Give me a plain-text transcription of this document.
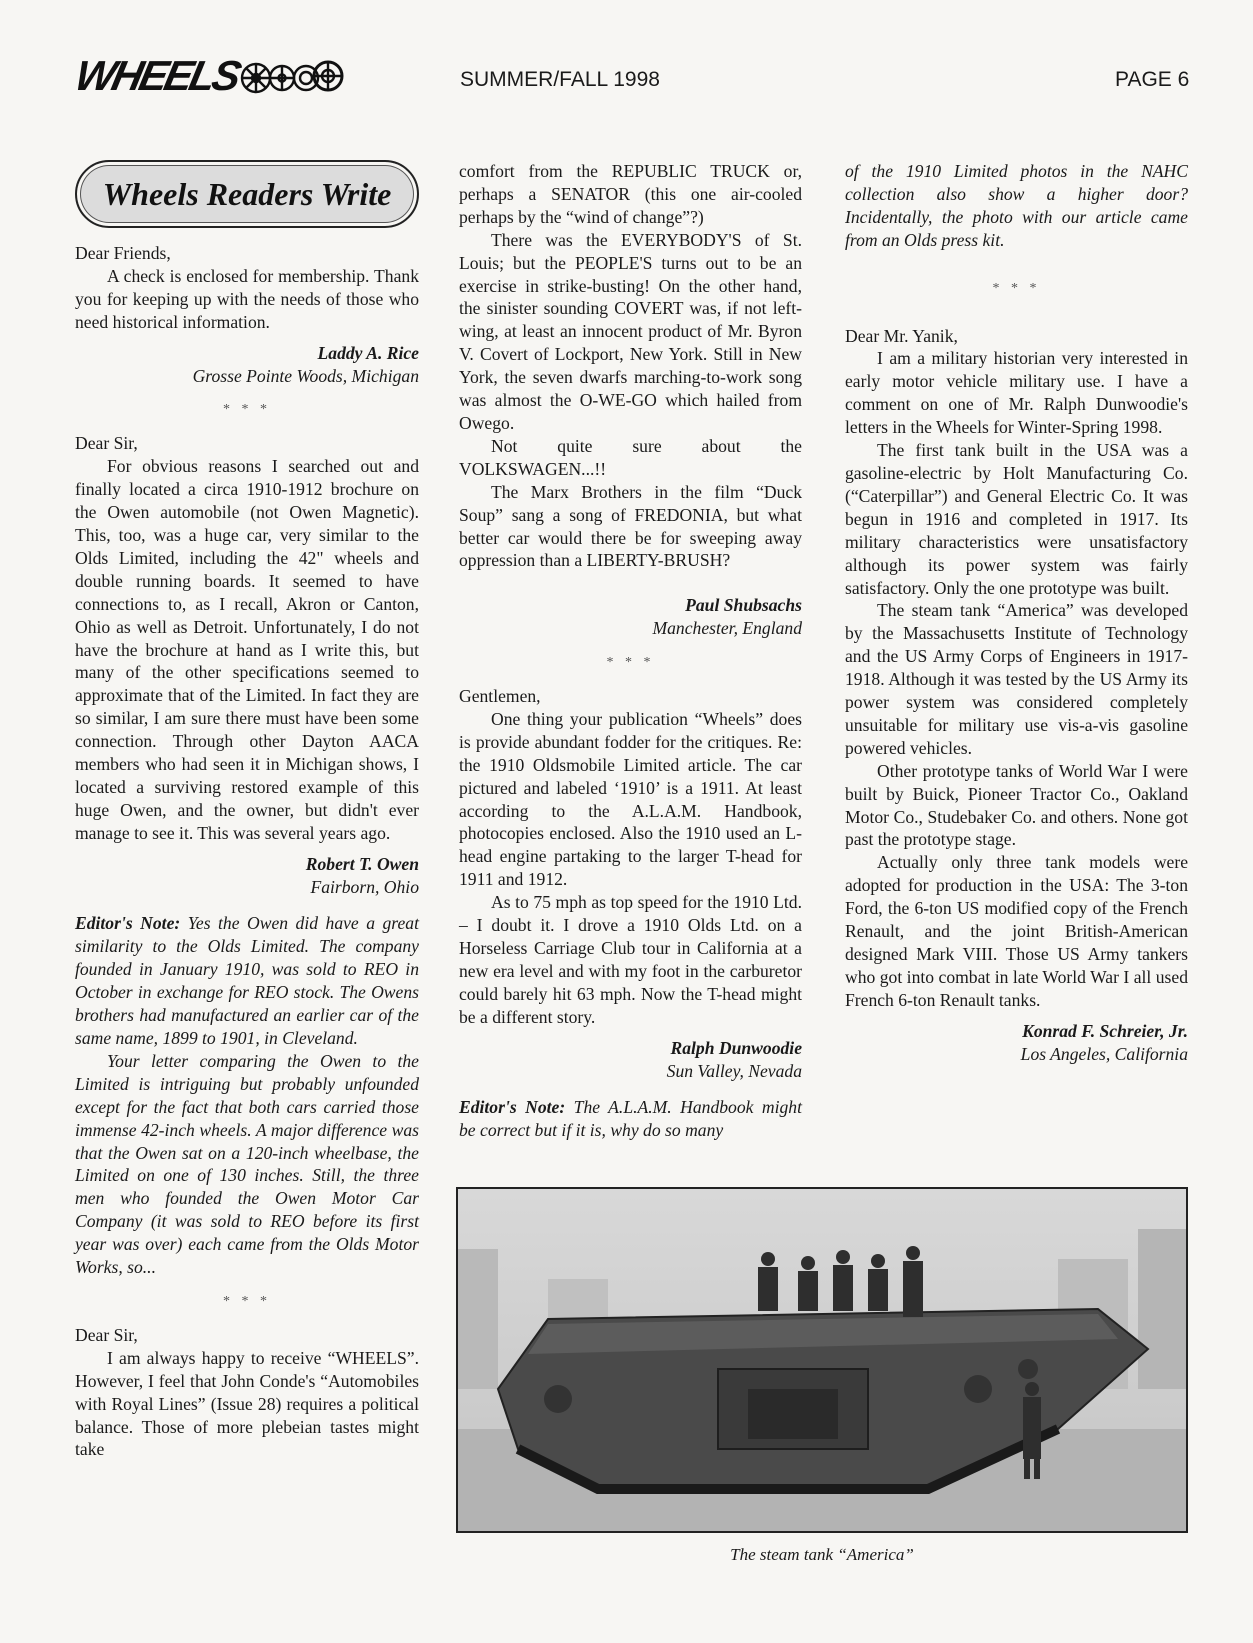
WHEELS	SUMMER/FALL 1998	PAGE 6
Wheels Readers Write

Dear Friends,

A check is enclosed for membership. Thank you for keeping up with the needs of those who need historical information.

Laddy A. Rice

Grosse Pointe Woods, Michigan

* * *

Dear Sir,

For obvious reasons I searched out and finally located a circa 1910-1912 brochure on the Owen automobile (not Owen Magnetic). This, too, was a huge car, very similar to the Olds Limited, including the 42" wheels and double running boards. It seemed to have connections to, as I recall, Akron or Canton, Ohio as well as Detroit. Unfortunately, I do not have the brochure at hand as I write this, but many of the other specifications seemed to approximate that of the Limited. In fact they are so similar, I am sure there must have been some connection. Through other Dayton AACA members who had seen it in Michigan shows, I located a surviving restored example of this huge Owen, and the owner, but didn't ever manage to see it. This was several years ago.

Robert T. Owen

Fairborn, Ohio

Editor's Note: Yes the Owen did have a great similarity to the Olds Limited. The company founded in January 1910, was sold to REO in October in exchange for REO stock. The Owens brothers had manufactured an earlier car of the same name, 1899 to 1901, in Cleveland.

Your letter comparing the Owen to the Limited is intriguing but probably unfounded except for the fact that both cars carried those immense 42-inch wheels. A major difference was that the Owen sat on a 120-inch wheelbase, the Limited on one of 130 inches. Still, the three men who founded the Owen Motor Car Company (it was sold to REO before its first year was over) each came from the Olds Motor Works, so...

* * *

Dear Sir,

I am always happy to receive “WHEELS”. However, I feel that John Conde's “Automobiles with Royal Lines” (Issue 28) requires a political balance. Those of more plebeian tastes might take

comfort from the REPUBLIC TRUCK or, perhaps a SENATOR (this one air-cooled perhaps by the “wind of change”?)

There was the EVERYBODY'S of St. Louis; but the PEOPLE'S turns out to be an exercise in strike-busting! On the other hand, the sinister sounding COVERT was, if not left-wing, at least an innocent product of Mr. Byron V. Covert of Lockport, New York. Still in New York, the seven dwarfs marching-to-work song was almost the O-WE-GO which hailed from Owego.

Not quite sure about the VOLKSWAGEN...!!

The Marx Brothers in the film “Duck Soup” sang a song of FREDONIA, but what better car would there be for sweeping away oppression than a LIBERTY-BRUSH?

Paul Shubsachs

Manchester, England

* * *

Gentlemen,

One thing your publication “Wheels” does is provide abundant fodder for the critiques. Re: the 1910 Oldsmobile Limited article. The car pictured and labeled ‘1910’ is a 1911. At least according to the A.L.A.M. Handbook, photocopies enclosed. Also the 1910 used an L-head engine partaking to the larger T-head for 1911 and 1912.

As to 75 mph as top speed for the 1910 Ltd. – I doubt it. I drove a 1910 Olds Ltd. on a Horseless Carriage Club tour in California at a new era level and with my foot in the carburetor could barely hit 63 mph. Now the T-head might be a different story.

Ralph Dunwoodie

Sun Valley, Nevada

Editor's Note: The A.L.A.M. Handbook might be correct but if it is, why do so many

of the 1910 Limited photos in the NAHC collection also show a higher door? Incidentally, the photo with our article came from an Olds press kit.

* * *

Dear Mr. Yanik,

I am a military historian very interested in early motor vehicle military use. I have a comment on one of Mr. Ralph Dunwoodie's letters in the Wheels for Winter-Spring 1998.

The first tank built in the USA was a gasoline-electric by Holt Manufacturing Co. (“Caterpillar”) and General Electric Co. It was begun in 1916 and completed in 1917. Its military characteristics were unsatisfactory although its power system was fairly satisfactory. Only the one prototype was built.

The steam tank “America” was developed by the Massachusetts Institute of Technology and the US Army Corps of Engineers in 1917-1918. Although it was tested by the US Army its power system was considered completely unsuitable for military use vis-a-vis gasoline powered vehicles.

Other prototype tanks of World War I were built by Buick, Pioneer Tractor Co., Oakland Motor Co., Studebaker Co. and others. None got past the prototype stage.

Actually only three tank models were adopted for production in the USA: The 3-ton Ford, the 6-ton US modified copy of the French Renault, and the joint British-American designed Mark VIII. Those US Army tankers who got into combat in late World War I all used French 6-ton Renault tanks.

Konrad F. Schreier, Jr.

Los Angeles, California

The steam tank “America”
